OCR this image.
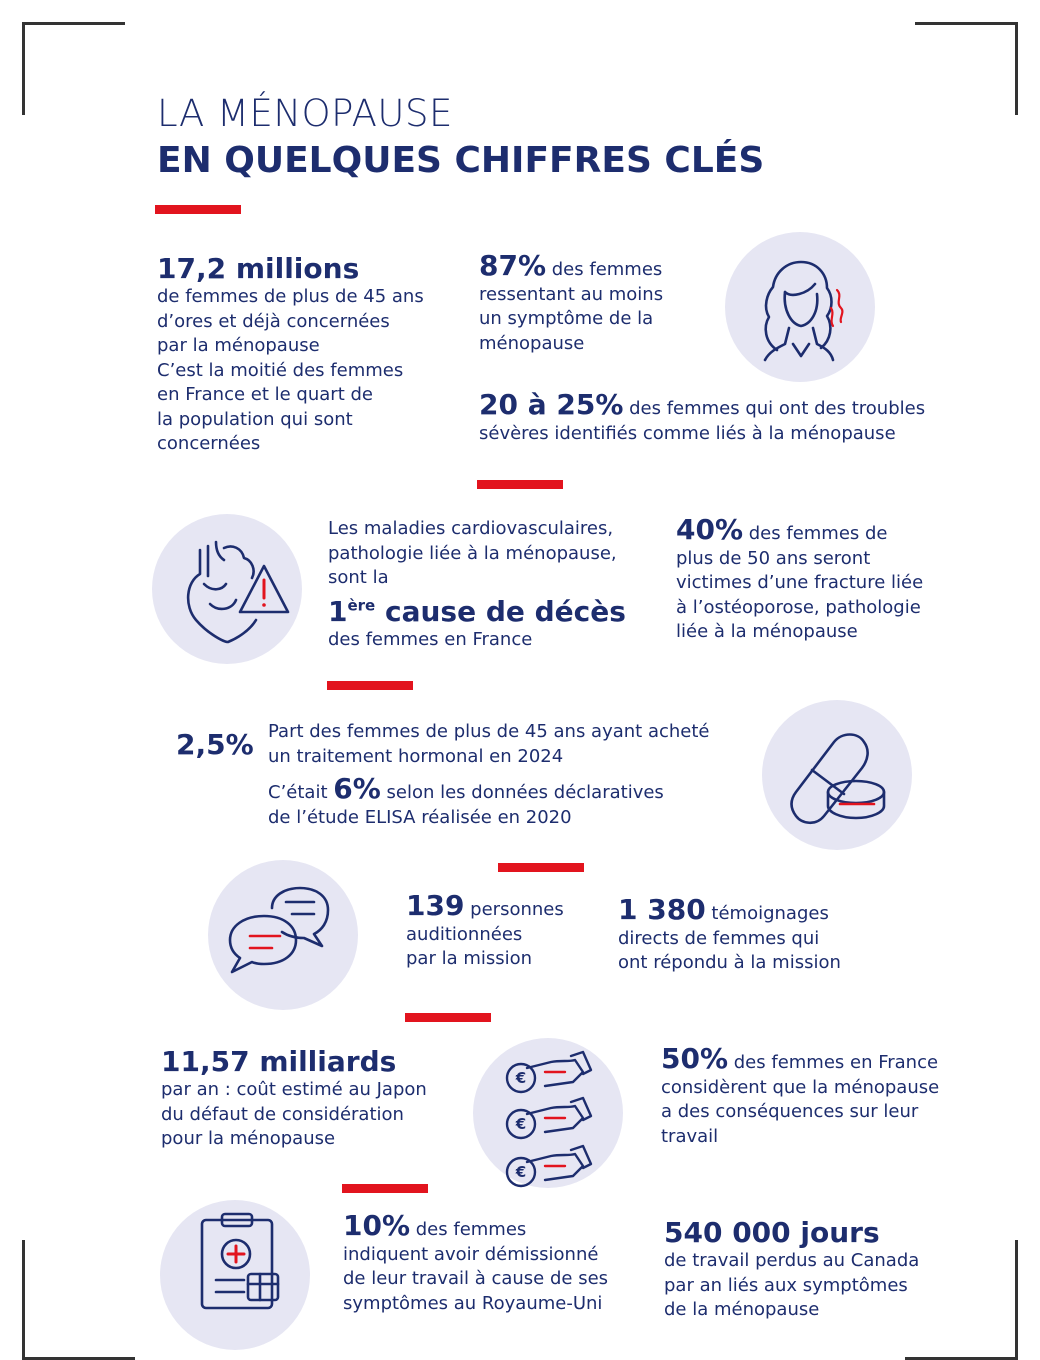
LA MÉNOPAUSE
EN QUELQUES CHIFFRES CLÉS
17,2 millions
de femmes de plus de 45 ans
d’ores et déjà concernées
par la ménopause
C’est la moitié des femmes
en France et le quart de
la population qui sont
concernées
87% des femmes
ressentant au moins
un symptôme de la
ménopause
20 à 25% des femmes qui ont des troubles
sévères identifiés comme liés à la ménopause
Les maladies cardiovasculaires,
pathologie liée à la ménopause,
sont la
1ère cause de décès
des femmes en France
40% des femmes de
plus de 50 ans seront
victimes d’une fracture liée
à l’ostéoporose, pathologie
liée à la ménopause
2,5% Part des femmes de plus de 45 ans ayant acheté
un traitement hormonal en 2024
C’était 6% selon les données déclaratives
de l’étude ELISA réalisée en 2020
139 personnes
auditionnées
par la mission
1 380 témoignages
directs de femmes qui
ont répondu à la mission
11,57 milliards
par an : coût estimé au Japon
du défaut de considération
pour la ménopause
€
€
€
50% des femmes en France
considèrent que la ménopause
a des conséquences sur leur
travail
10% des femmes
indiquent avoir démissionné
de leur travail à cause de ses
symptômes au Royaume-Uni
540 000 jours
de travail perdus au Canada
par an liés aux symptômes
de la ménopause
